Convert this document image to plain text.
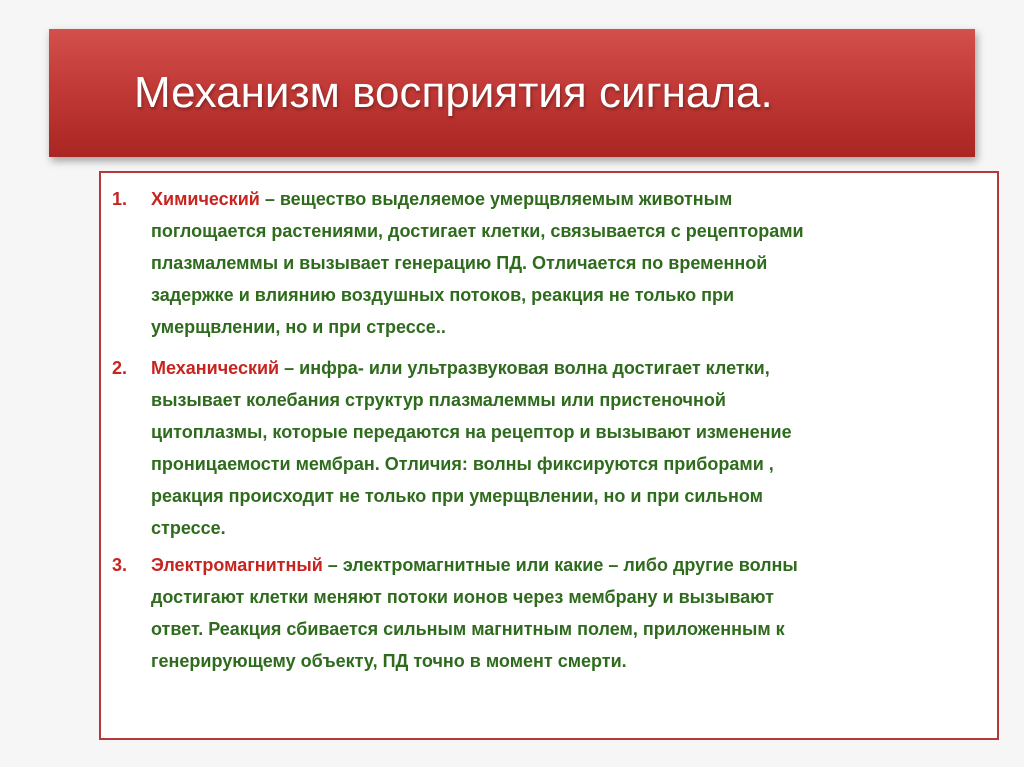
Механизм восприятия сигнала.
1. Химический – вещество выделяемое умерщвляемым животным
поглощается растениями, достигает клетки, связывается с рецепторами
плазмалеммы и вызывает генерацию ПД. Отличается по временной
задержке и влиянию воздушных потоков, реакция не только при
умерщвлении, но и при стрессе..
2. Механический – инфра- или ультразвуковая волна достигает клетки,
вызывает колебания структур плазмалеммы или пристеночной
цитоплазмы, которые передаются на рецептор и вызывают изменение
проницаемости мембран. Отличия: волны фиксируются приборами ,
реакция происходит не только при умерщвлении, но и при сильном
стрессе.
3. Электромагнитный – электромагнитные или какие – либо другие волны
достигают клетки меняют потоки ионов через мембрану и вызывают
ответ. Реакция сбивается сильным магнитным полем, приложенным к
генерирующему объекту, ПД точно в момент смерти.
